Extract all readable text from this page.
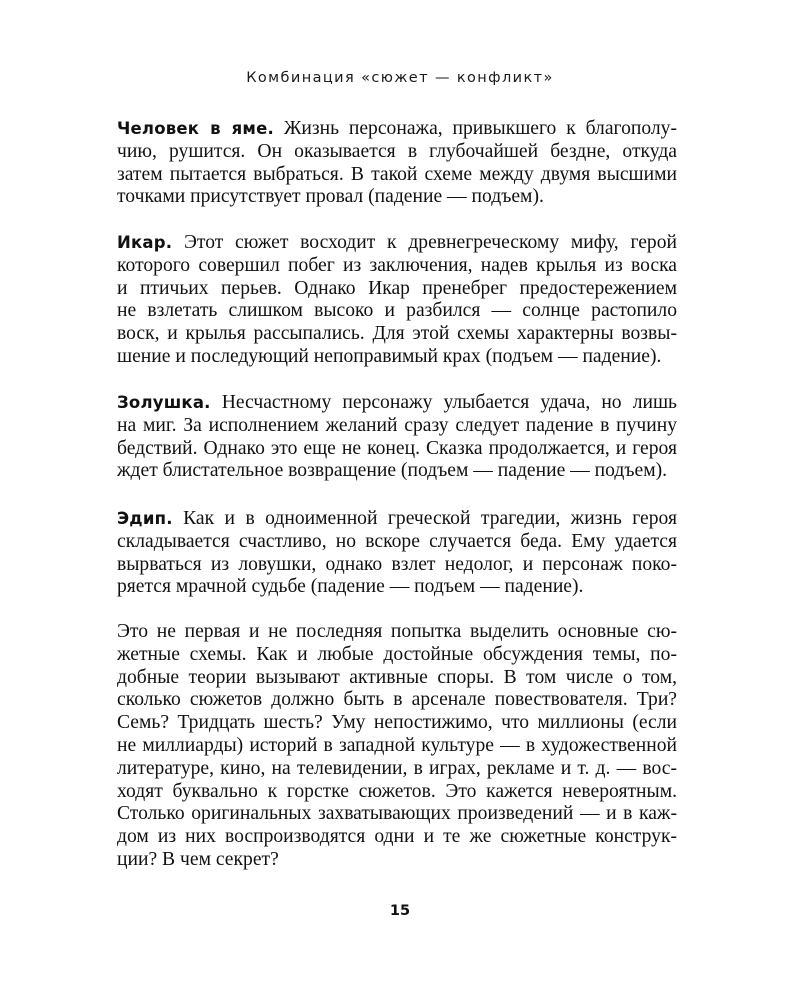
Комбинация «сюжет — конфликт»
Человек в яме. Жизнь персонажа, привыкшего к благополу-
чию, рушится. Он оказывается в глубочайшей бездне, откуда
затем пытается выбраться. В такой схеме между двумя высшими
точками присутствует провал (падение — подъем).
Икар. Этот сюжет восходит к древнегреческому мифу, герой
которого совершил побег из заключения, надев крылья из воска
и птичьих перьев. Однако Икар пренебрег предостережением
не взлетать слишком высоко и разбился — солнце растопило
воск, и крылья рассыпались. Для этой схемы характерны возвы-
шение и последующий непоправимый крах (подъем — падение).
Золушка. Несчастному персонажу улыбается удача, но лишь
на миг. За исполнением желаний сразу следует падение в пучину
бедствий. Однако это еще не конец. Сказка продолжается, и героя
ждет блистательное возвращение (подъем — падение — подъем).
Эдип. Как и в одноименной греческой трагедии, жизнь героя
складывается счастливо, но вскоре случается беда. Ему удается
вырваться из ловушки, однако взлет недолог, и персонаж поко-
ряется мрачной судьбе (падение — подъем — падение).
Это не первая и не последняя попытка выделить основные сю-
жетные схемы. Как и любые достойные обсуждения темы, по-
добные теории вызывают активные споры. В том числе о том,
сколько сюжетов должно быть в арсенале повествователя. Три?
Семь? Тридцать шесть? Уму непостижимо, что миллионы (если
не миллиарды) историй в западной культуре — в художественной
литературе, кино, на телевидении, в играх, рекламе и т. д. — вос-
ходят буквально к горстке сюжетов. Это кажется невероятным.
Столько оригинальных захватывающих произведений — и в каж-
дом из них воспроизводятся одни и те же сюжетные конструк-
ции? В чем секрет?
15
